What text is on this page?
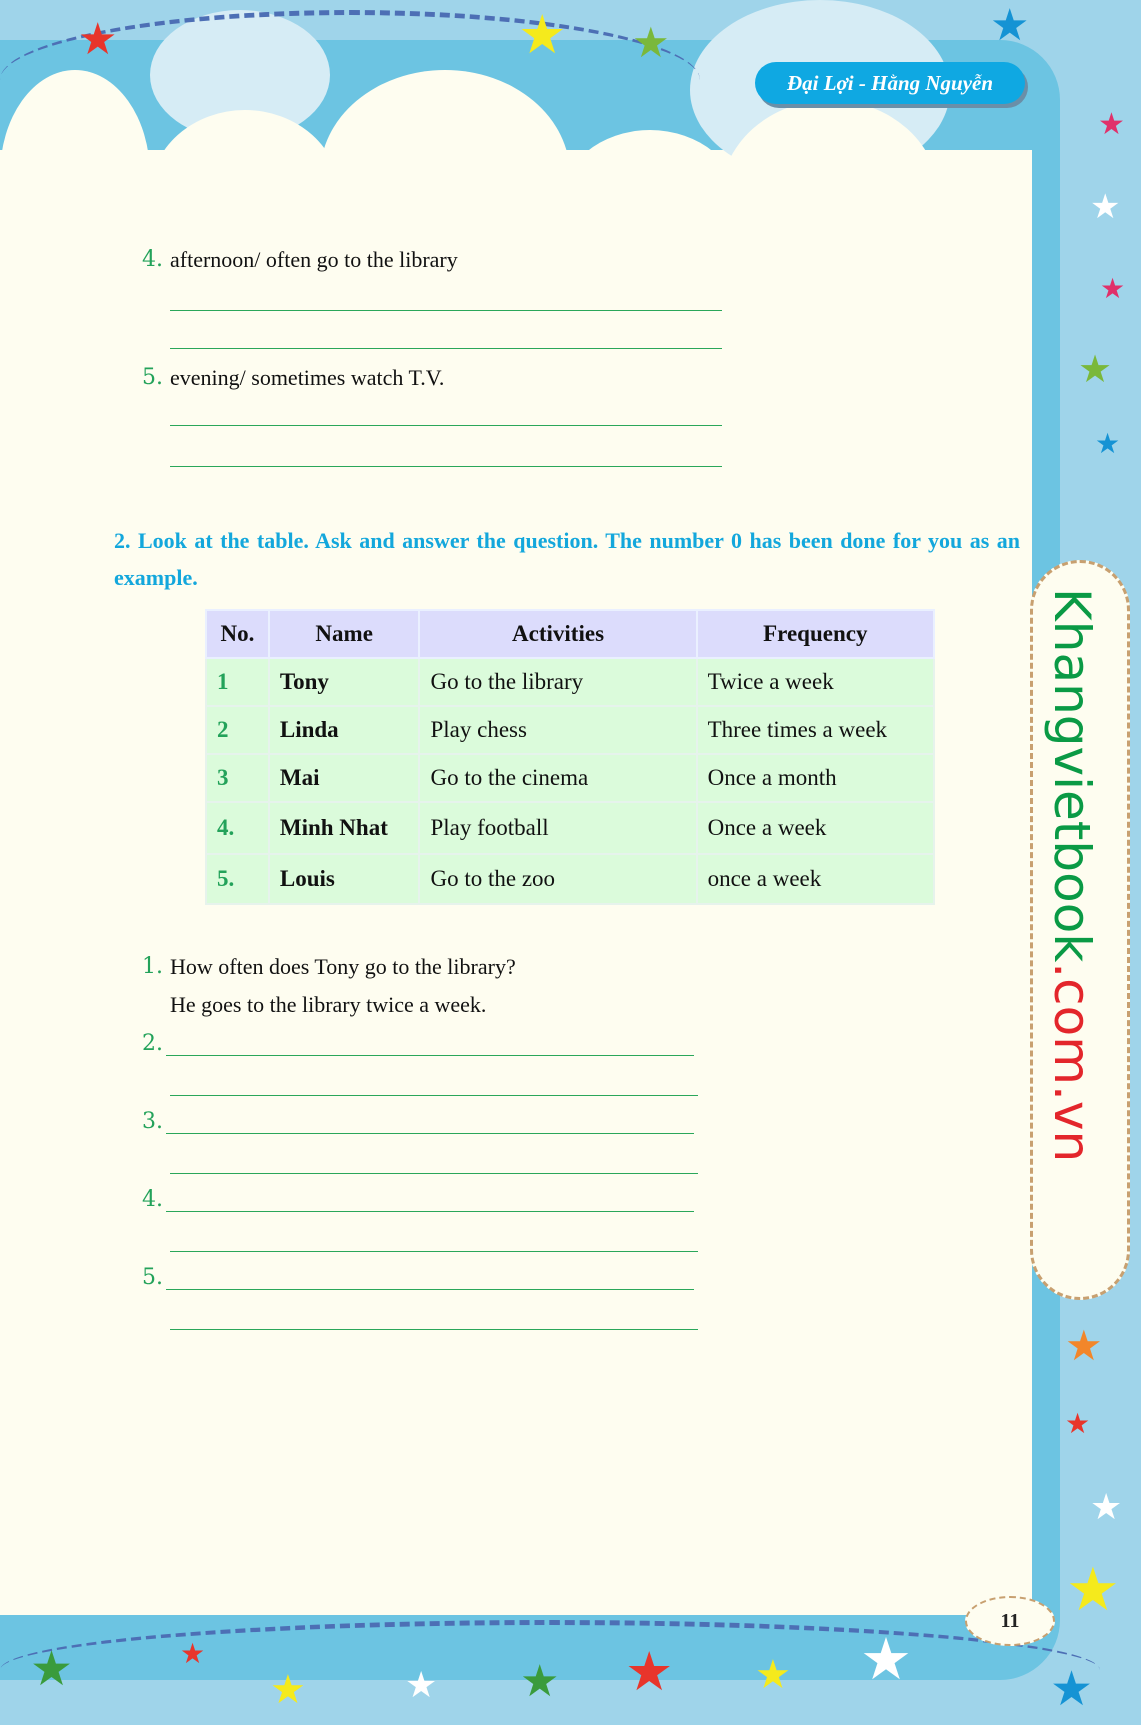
★	★ ★	★
★
★
★
★
★
★
★
★
★
★	★
★	★ ★ ★ ★ ★	★
Đại Lợi - Hằng Nguyễn
4. afternoon/ often go to the library
5. evening/ sometimes watch T.V.
2. Look at the table. Ask and answer the question. The number 0 has been done for you as an example.
No.	Name	Activities	Frequency
1	Tony	Go to the library	Twice a week
2	Linda	Play chess	Three times a week
3	Mai	Go to the cinema	Once a month
4.	Minh Nhat	Play football	Once a week
5.	Louis	Go to the zoo	once a week
1. How often does Tony go to the library?
He goes to the library twice a week.
2.
3.
4.
5.
Khangvietbook.com.vn
11
